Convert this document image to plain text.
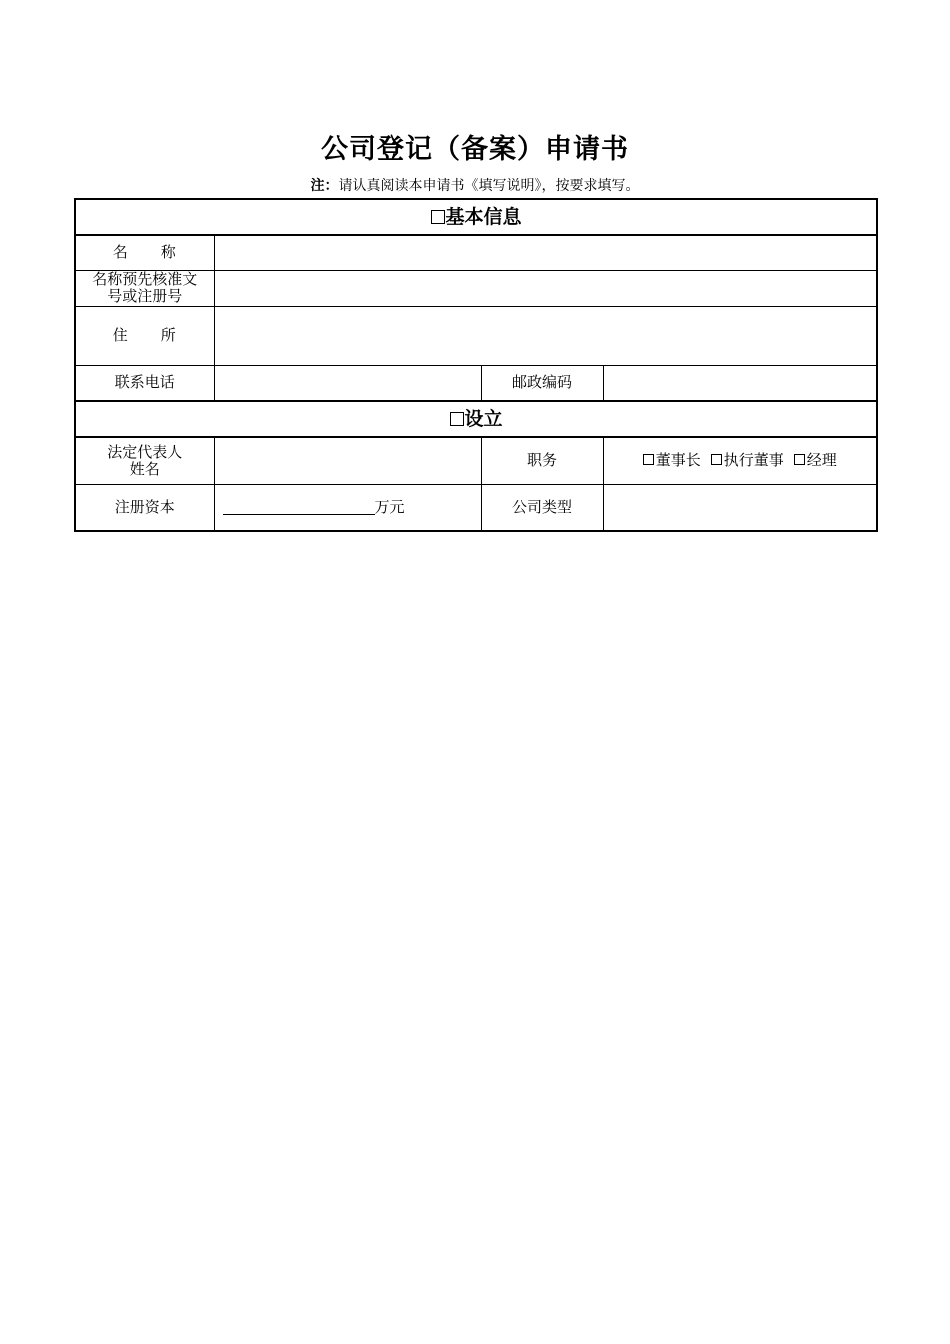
公司登记（备案）申请书
注：请认真阅读本申请书《填写说明》，按要求填写。
基本信息			
名　　称			

名称预先核准文
号或注册号			

住　　所			
联系电话		邮政编码	
设立			

法定代表人
姓名		职务	董事长 执行董事 经理
注册资本	万元	公司类型	
